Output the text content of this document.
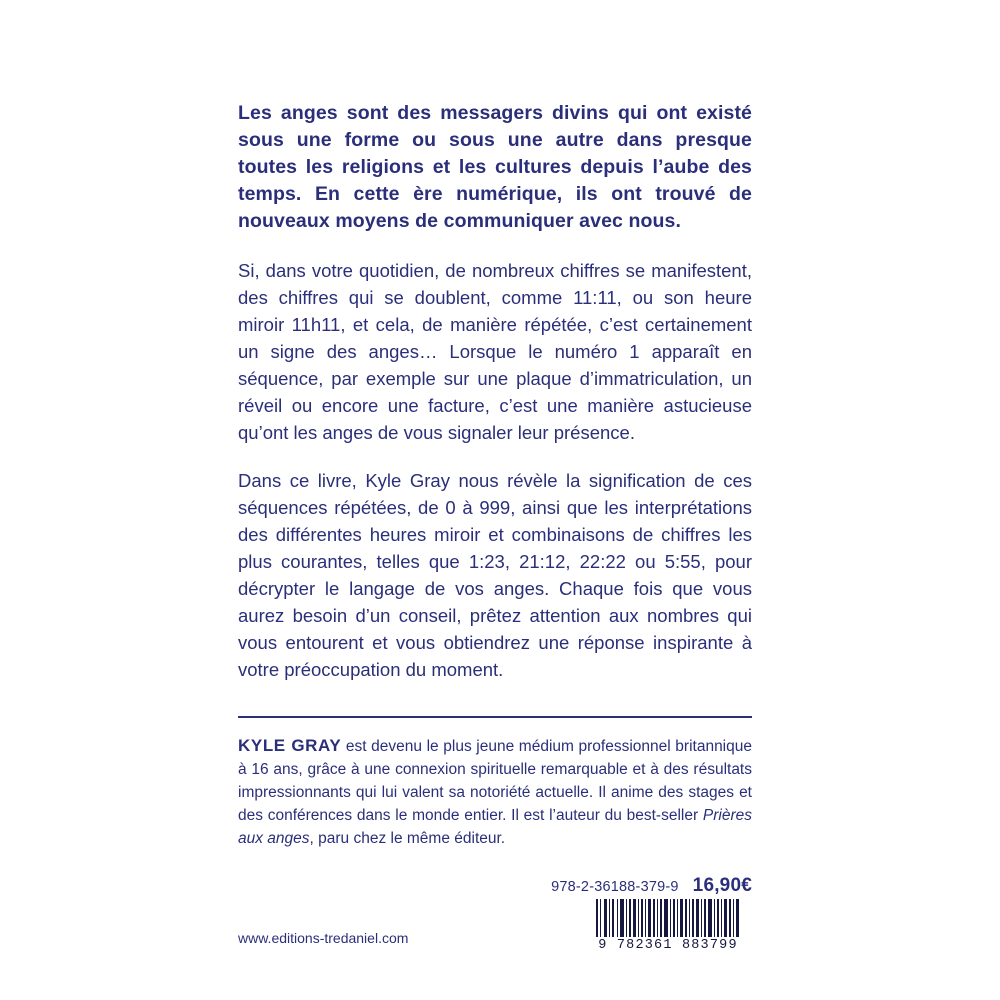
Les anges sont des messagers divins qui ont existé sous une forme ou sous une autre dans presque toutes les religions et les cultures depuis l’aube des temps. En cette ère numérique, ils ont trouvé de nouveaux moyens de communiquer avec nous.

Si, dans votre quotidien, de nombreux chiffres se manifestent, des chiffres qui se doublent, comme 11:11, ou son heure miroir 11h11, et cela, de manière répétée, c’est certainement un signe des anges… Lorsque le numéro 1 apparaît en séquence, par exemple sur une plaque d’immatriculation, un réveil ou encore une facture, c’est une manière astucieuse qu’ont les anges de vous signaler leur présence.

Dans ce livre, Kyle Gray nous révèle la signification de ces séquences répétées, de 0 à 999, ainsi que les interprétations des différentes heures miroir et combinaisons de chiffres les plus courantes, telles que 1:23, 21:12, 22:22 ou 5:55, pour décrypter le langage de vos anges. Chaque fois que vous aurez besoin d’un conseil, prêtez attention aux nombres qui vous entourent et vous obtiendrez une réponse inspirante à votre préoccupation du moment.

KYLE GRAY est devenu le plus jeune médium professionnel britannique à 16 ans, grâce à une connexion spirituelle remarquable et à des résultats impressionnants qui lui valent sa notoriété actuelle. Il anime des stages et des conférences dans le monde entier. Il est l’auteur du best-seller Prières aux anges, paru chez le même éditeur.

978-2-36188-379-9 16,90€
www.editions-tredaniel.com	9 782361 883799
